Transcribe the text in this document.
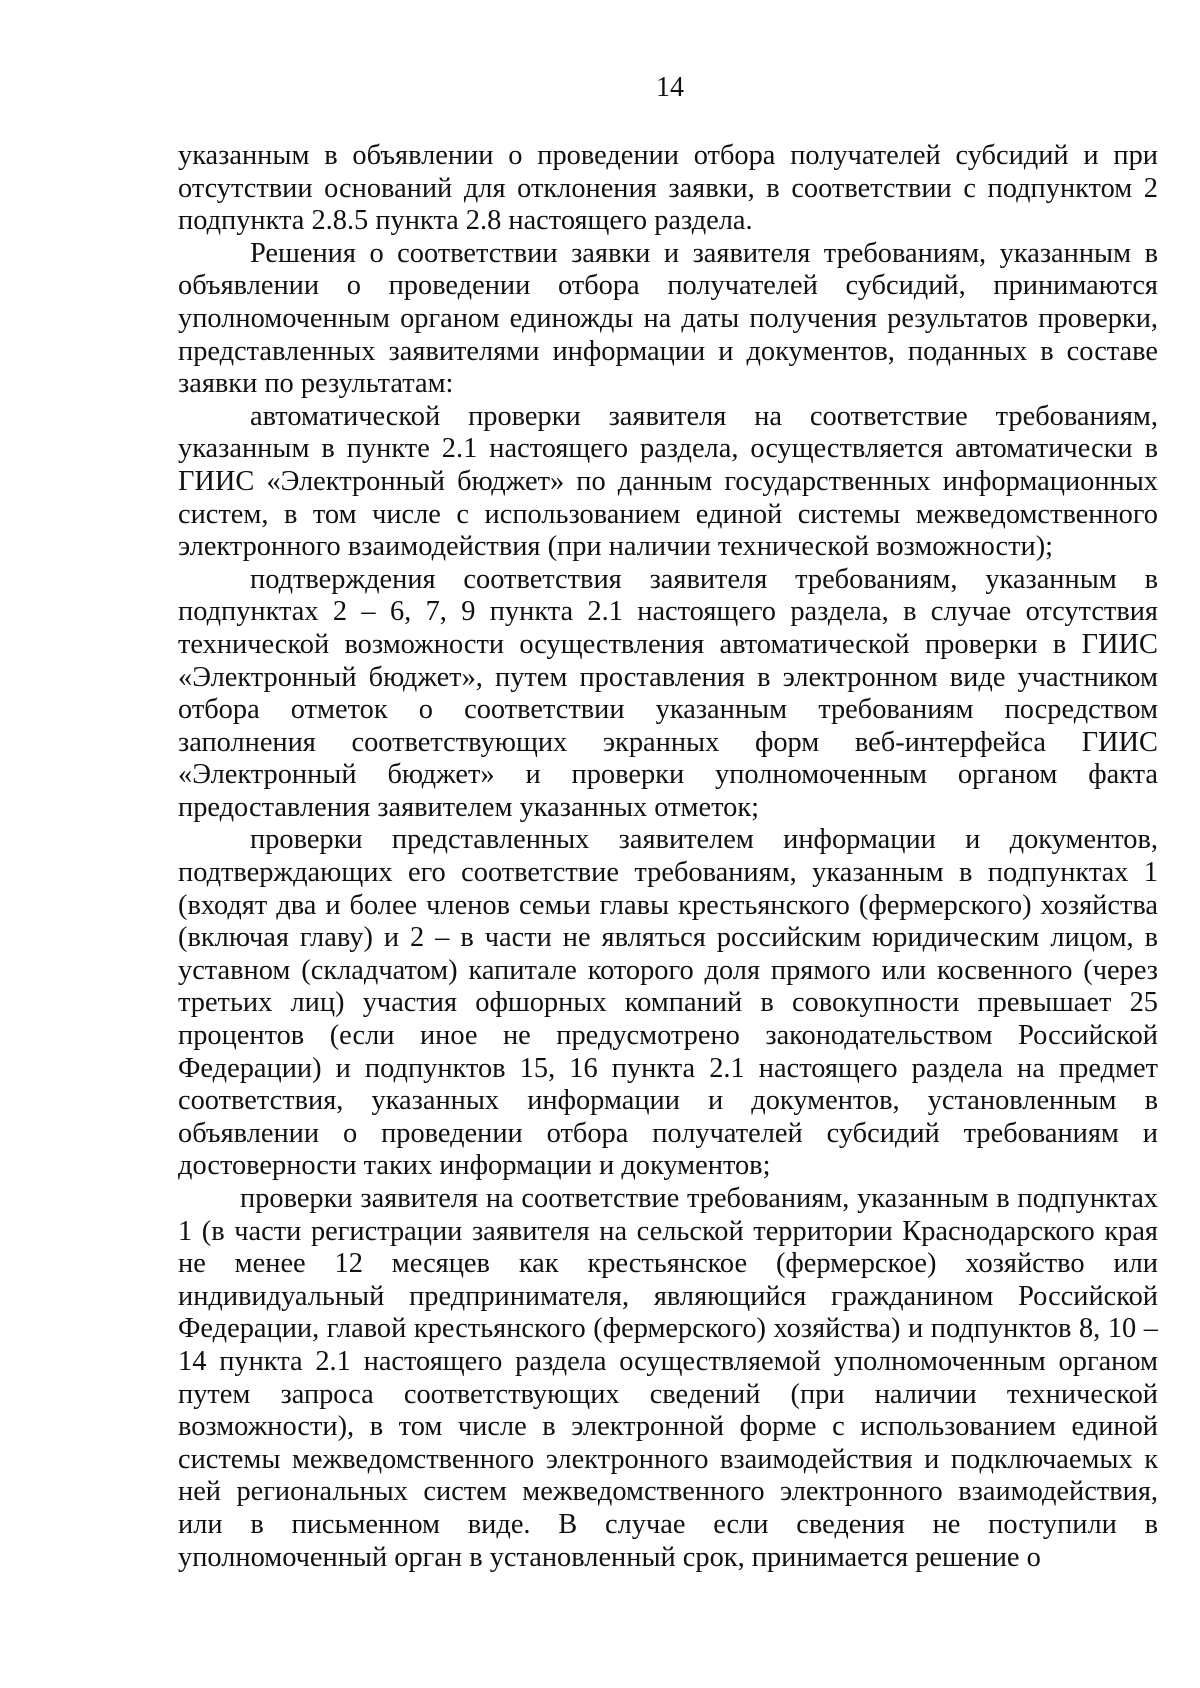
14

указанным в объявлении о проведении отбора получателей субсидий и при отсутствии оснований для отклонения заявки, в соответствии с подпунктом 2 подпункта 2.8.5 пункта 2.8 настоящего раздела.

Решения о соответствии заявки и заявителя требованиям, указанным в объявлении о проведении отбора получателей субсидий, принимаются уполномоченным органом единожды на даты получения результатов проверки, представленных заявителями информации и документов, поданных в составе заявки по результатам:

автоматической проверки заявителя на соответствие требованиям, указанным в пункте 2.1 настоящего раздела, осуществляется автоматически в ГИИС «Электронный бюджет» по данным государственных информационных систем, в том числе с использованием единой системы межведомственного электронного взаимодействия (при наличии технической возможности);

подтверждения соответствия заявителя требованиям, указанным в подпунктах 2 – 6, 7, 9 пункта 2.1 настоящего раздела, в случае отсутствия технической возможности осуществления автоматической проверки в ГИИС «Электронный бюджет», путем проставления в электронном виде участником отбора отметок о соответствии указанным требованиям посредством заполнения соответствующих экранных форм веб-интерфейса ГИИС «Электронный бюджет» и проверки уполномоченным органом факта предоставления заявителем указанных отметок;

проверки представленных заявителем информации и документов, подтверждающих его соответствие требованиям, указанным в подпунктах 1 (входят два и более членов семьи главы крестьянского (фермерского) хозяйства (включая главу) и 2 – в части не являться российским юридическим лицом, в уставном (складчатом) капитале которого доля прямого или косвенного (через третьих лиц) участия офшорных компаний в совокупности превышает 25 процентов (если иное не предусмотрено законодательством Российской Федерации) и подпунктов 15, 16 пункта 2.1 настоящего раздела на предмет соответствия, указанных информации и документов, установленным в объявлении о проведении отбора получателей субсидий требованиям и достоверности таких информации и документов;

проверки заявителя на соответствие требованиям, указанным в подпунктах 1 (в части регистрации заявителя на сельской территории Краснодарского края не менее 12 месяцев как крестьянское (фермерское) хозяйство или индивидуальный предпринимателя, являющийся гражданином Российской Федерации, главой крестьянского (фермерского) хозяйства) и подпунктов 8, 10 – 14 пункта 2.1 настоящего раздела осуществляемой уполномоченным органом путем запроса соответствующих сведений (при наличии технической возможности), в том числе в электронной форме с использованием единой системы межведомственного электронного взаимодействия и подключаемых к ней региональных систем межведомственного электронного взаимодействия, или в письменном виде. В случае если сведения не поступили в уполномоченный орган в установленный срок, принимается решение о
